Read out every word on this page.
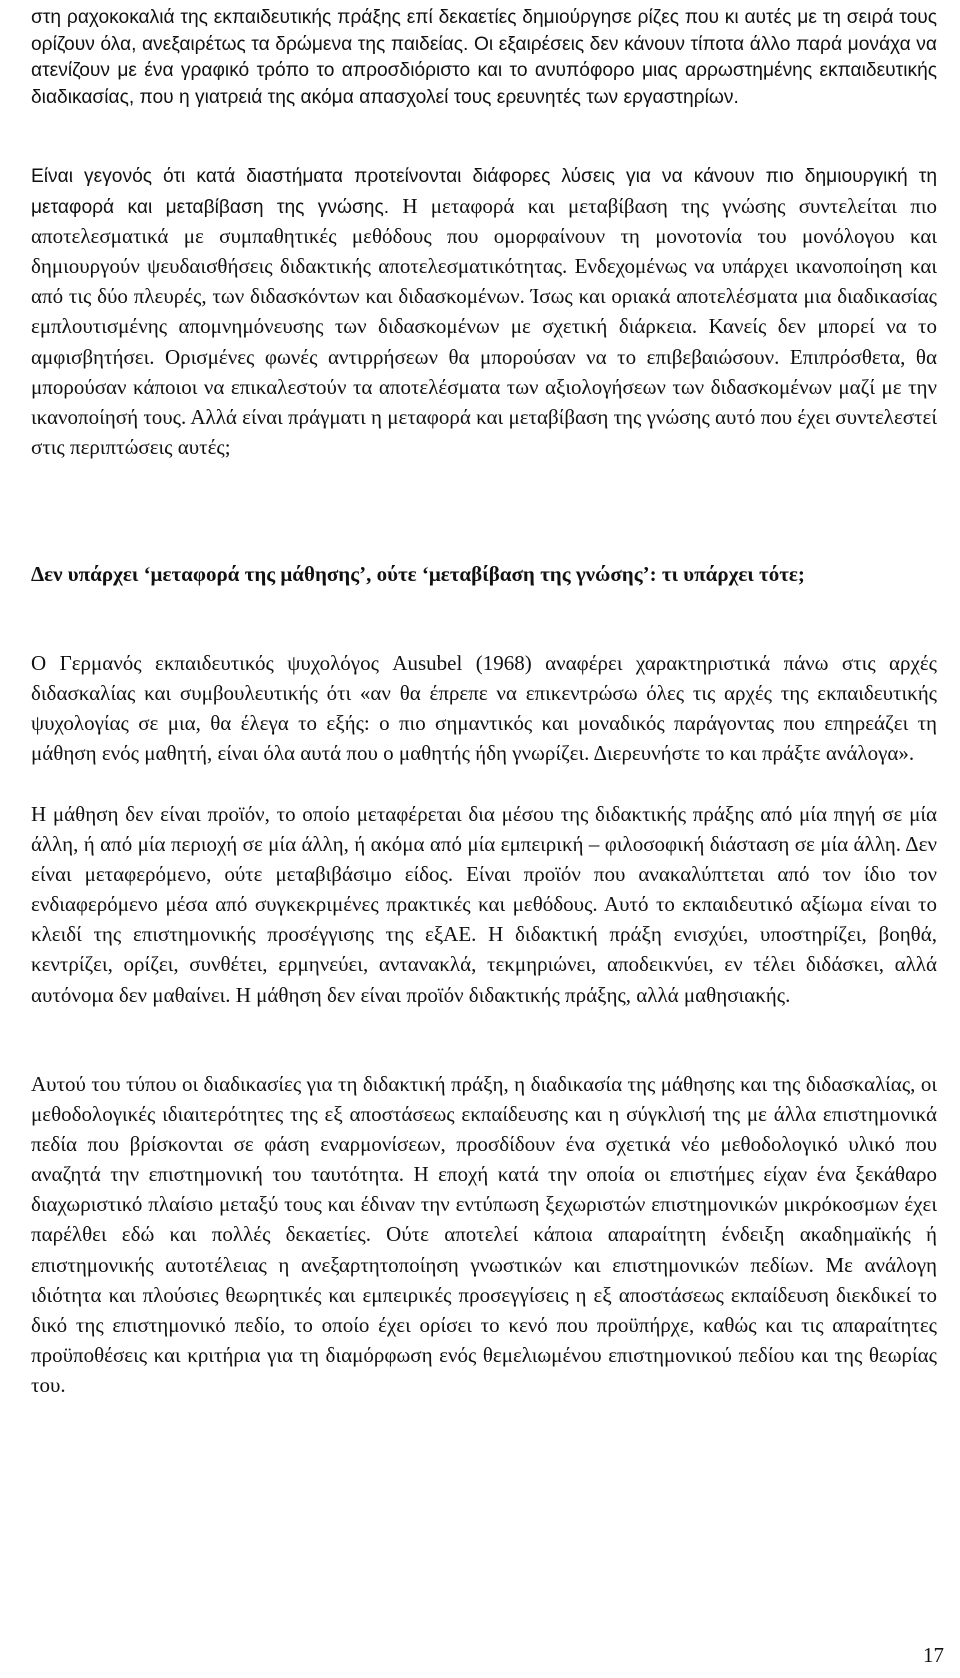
στη ραχοκοκαλιά της εκπαιδευτικής πράξης επί δεκαετίες δημιούργησε ρίζες που κι αυτές με τη σειρά τους ορίζουν όλα, ανεξαιρέτως τα δρώμενα της παιδείας. Οι εξαιρέσεις δεν κάνουν τίποτα άλλο παρά μονάχα να ατενίζουν με ένα γραφικό τρόπο το απροσδιόριστο και το ανυπόφορο μιας αρρωστημένης εκπαιδευτικής διαδικασίας, που η γιατρειά της ακόμα απασχολεί τους ερευνητές των εργαστηρίων.

Είναι γεγονός ότι κατά διαστήματα προτείνονται διάφορες λύσεις για να κάνουν πιο δημιουργική τη μεταφορά και μεταβίβαση της γνώσης. Η μεταφορά και μεταβίβαση της γνώσης συντελείται πιο αποτελεσματικά με συμπαθητικές μεθόδους που ομορφαίνουν τη μονοτονία του μονόλογου και δημιουργούν ψευδαισθήσεις διδακτικής αποτελεσματικότητας. Ενδεχομένως να υπάρχει ικανοποίηση και από τις δύο πλευρές, των διδασκόντων και διδασκομένων. Ίσως και οριακά αποτελέσματα μια διαδικασίας εμπλουτισμένης απομνημόνευσης των διδασκομένων με σχετική διάρκεια. Κανείς δεν μπορεί να το αμφισβητήσει. Ορισμένες φωνές αντιρρήσεων θα μπορούσαν να το επιβεβαιώσουν. Επιπρόσθετα, θα μπορούσαν κάποιοι να επικαλεστούν τα αποτελέσματα των αξιολογήσεων των διδασκομένων μαζί με την ικανοποίησή τους. Αλλά είναι πράγματι η μεταφορά και μεταβίβαση της γνώσης αυτό που έχει συντελεστεί στις περιπτώσεις αυτές;

Δεν υπάρχει ‘μεταφορά της μάθησης’, ούτε ‘μεταβίβαση της γνώσης’: τι υπάρχει τότε;

Ο Γερμανός εκπαιδευτικός ψυχολόγος Ausubel (1968) αναφέρει χαρακτηριστικά πάνω στις αρχές διδασκαλίας και συμβουλευτικής ότι «αν θα έπρεπε να επικεντρώσω όλες τις αρχές της εκπαιδευτικής ψυχολογίας σε μια, θα έλεγα το εξής: ο πιο σημαντικός και μοναδικός παράγοντας που επηρεάζει τη μάθηση ενός μαθητή, είναι όλα αυτά που ο μαθητής ήδη γνωρίζει. Διερευνήστε το και πράξτε ανάλογα».

Η μάθηση δεν είναι προϊόν, το οποίο μεταφέρεται δια μέσου της διδακτικής πράξης από μία πηγή σε μία άλλη, ή από μία περιοχή σε μία άλλη, ή ακόμα από μία εμπειρική – φιλοσοφική διάσταση σε μία άλλη. Δεν είναι μεταφερόμενο, ούτε μεταβιβάσιμο είδος. Είναι προϊόν που ανακαλύπτεται από τον ίδιο τον ενδιαφερόμενο μέσα από συγκεκριμένες πρακτικές και μεθόδους. Αυτό το εκπαιδευτικό αξίωμα είναι το κλειδί της επιστημονικής προσέγγισης της εξΑΕ. Η διδακτική πράξη ενισχύει, υποστηρίζει, βοηθά, κεντρίζει, ορίζει, συνθέτει, ερμηνεύει, αντανακλά, τεκμηριώνει, αποδεικνύει, εν τέλει διδάσκει, αλλά αυτόνομα δεν μαθαίνει. Η μάθηση δεν είναι προϊόν διδακτικής πράξης, αλλά μαθησιακής.

Αυτού του τύπου οι διαδικασίες για τη διδακτική πράξη, η διαδικασία της μάθησης και της διδασκαλίας, οι μεθοδολογικές ιδιαιτερότητες της εξ αποστάσεως εκπαίδευσης και η σύγκλισή της με άλλα επιστημονικά πεδία που βρίσκονται σε φάση εναρμονίσεων, προσδίδουν ένα σχετικά νέο μεθοδολογικό υλικό που αναζητά την επιστημονική του ταυτότητα. Η εποχή κατά την οποία οι επιστήμες είχαν ένα ξεκάθαρο διαχωριστικό πλαίσιο μεταξύ τους και έδιναν την εντύπωση ξεχωριστών επιστημονικών μικρόκοσμων έχει παρέλθει εδώ και πολλές δεκαετίες. Ούτε αποτελεί κάποια απαραίτητη ένδειξη ακαδημαϊκής ή επιστημονικής αυτοτέλειας η ανεξαρτητοποίηση γνωστικών και επιστημονικών πεδίων. Με ανάλογη ιδιότητα και πλούσιες θεωρητικές και εμπειρικές προσεγγίσεις η εξ αποστάσεως εκπαίδευση διεκδικεί το δικό της επιστημονικό πεδίο, το οποίο έχει ορίσει το κενό που προϋπήρχε, καθώς και τις απαραίτητες προϋποθέσεις και κριτήρια για τη διαμόρφωση ενός θεμελιωμένου επιστημονικού πεδίου και της θεωρίας του.

17
